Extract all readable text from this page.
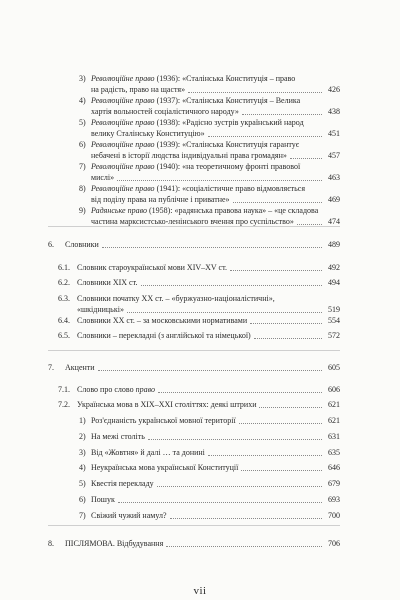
3) Революційне право (1936): «Сталінська Конституція – право
на радість, право на щастя»	426
4) Революційне право (1937): «Сталінська Конституція – Велика
хартія вольностей соціалістичного народу»	438
5) Революційне право (1938): «Радісно зустрів український народ
велику Сталінську Конституцію»	451
6) Революційне право (1939): «Сталінська Конституція гарантує
небачені в історії людства індивідуальні права громадян»	457
7) Революційне право (1940): «на теоретичному фронті правової
мислі»	463
8) Революційне право (1941): «соціалістичне право відмовляється
від поділу права на публічне і приватне»	469
9) Радянське право (1958): «радянська правова наука» – «це складова
частина марксистсько-ленінського вчення про суспільство»	474
6. Словники	489
6.1. Словник староукраїнської мови XIV–XV ст.	492
6.2. Словники XIX ст.	494
6.3. Словники початку XX ст. – «буржуазно-націоналістичні»,
«шкідницькі»	519
6.4. Словники XX ст. – за московськими нормативами	554
6.5. Словники – перекладні (з англійської та німецької)	572
7. Акценти	605
7.1. Слово про слово право	606
7.2. Українська мова в XIX–XXI століттях: деякі штрихи	621
1) Роз'єднаність української мовної території	621
2) На межі століть	631
3) Від «Жовтня» й далі … та донині	635
4) Неукраїнська мова української Конституції	646
5) Квестія перекладу	679
6) Пошук	693
7) Свіжий чужий намул?	700
8. ПІСЛЯМОВА. Відбудування	706
vii
